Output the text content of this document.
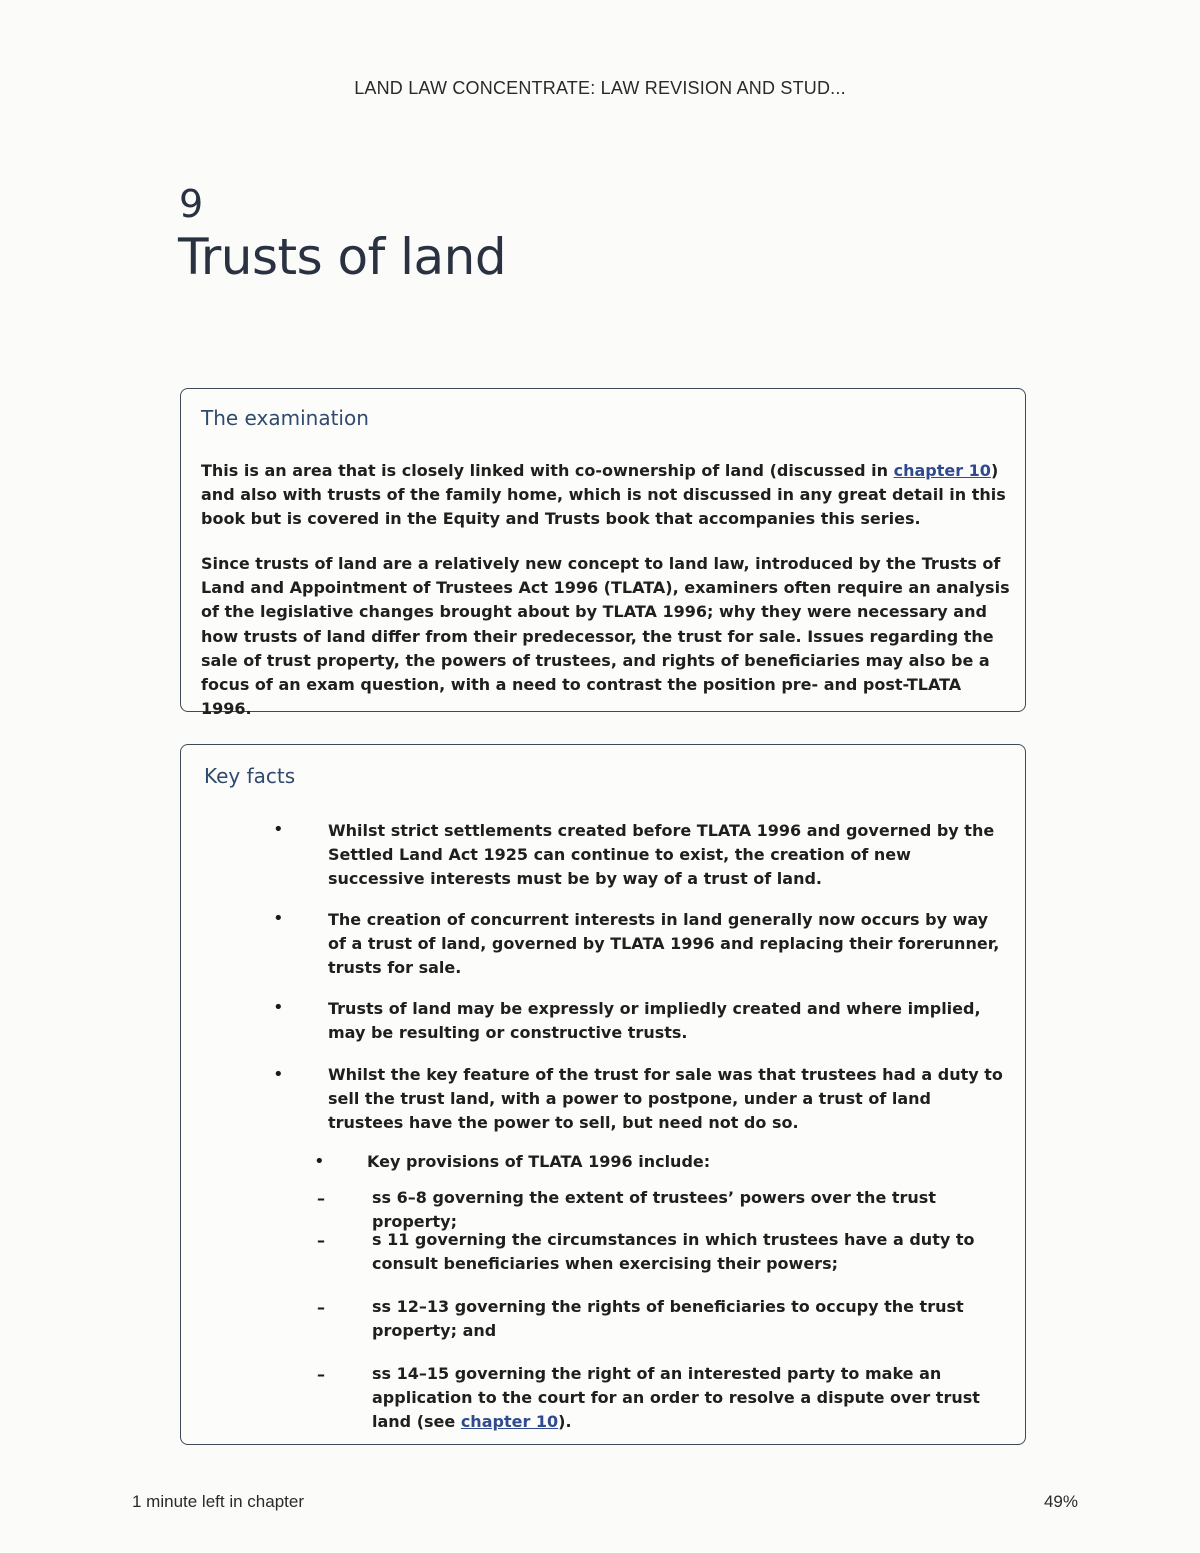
LAND LAW CONCENTRATE: LAW REVISION AND STUD...
9
Trusts of land
The examination

This is an area that is closely linked with co-ownership of land (discussed in chapter 10) and also with trusts of the family home, which is not discussed in any great detail in this book but is covered in the Equity and Trusts book that accompanies this series.

Since trusts of land are a relatively new concept to land law, introduced by the Trusts of Land and Appointment of Trustees Act 1996 (TLATA), examiners often require an analysis of the legislative changes brought about by TLATA 1996; why they were necessary and how trusts of land differ from their predecessor, the trust for sale. Issues regarding the sale of trust property, the powers of trustees, and rights of beneficiaries may also be a focus of an exam question, with a need to contrast the position pre- and post-TLATA 1996.

Key facts
•	Whilst strict settlements created before TLATA 1996 and governed by the Settled Land Act 1925 can continue to exist, the creation of new successive interests must be by way of a trust of land.

•	The creation of concurrent interests in land generally now occurs by way of a trust of land, governed by TLATA 1996 and replacing their forerunner, trusts for sale.

•	Trusts of land may be expressly or impliedly created and where implied, may be resulting or constructive trusts.

•	Whilst the key feature of the trust for sale was that trustees had a duty to sell the trust land, with a power to postpone, under a trust of land trustees have the power to sell, but need not do so.

•	Key provisions of TLATA 1996 include:

–	ss 6–8 governing the extent of trustees’ powers over the trust property;

–	s 11 governing the circumstances in which trustees have a duty to consult beneficiaries when exercising their powers;

–	ss 12–13 governing the rights of beneficiaries to occupy the trust property; and

–	ss 14–15 governing the right of an interested party to make an application to the court for an order to resolve a dispute over trust land (see chapter 10).

1 minute left in chapter	49%
